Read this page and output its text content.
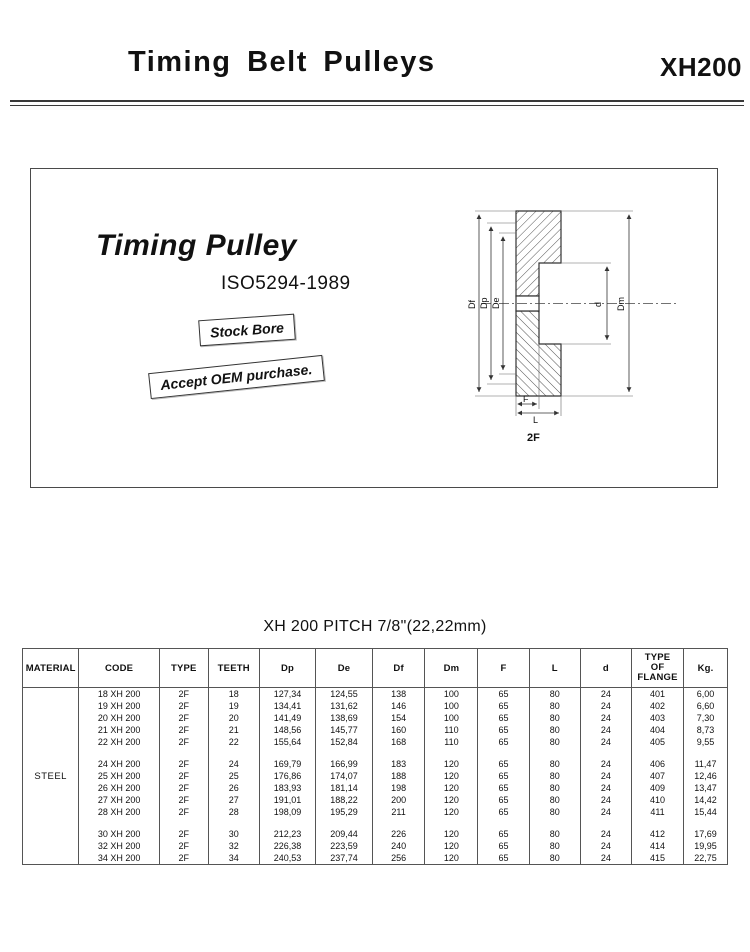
Timing Belt Pulleys	XH200
Timing Pulley
ISO5294-1989
Stock Bore
Accept OEM purchase.
Df Dp De	d Dm
F
L
2F
XH 200 PITCH 7/8"(22,22mm)
MATERIAL	CODE	TYPE	TEETH	Dp	De	Df	Dm	F	L	d	TYPE
OF
FLANGE	Kg.
STEEL	18 XH 200	2F	18	127,34	124,55	138	100	65	80	24	401	6,00
	19 XH 200	2F	19	134,41	131,62	146	100	65	80	24	402	6,60
	20 XH 200	2F	20	141,49	138,69	154	100	65	80	24	403	7,30
	21 XH 200	2F	21	148,56	145,77	160	110	65	80	24	404	8,73
	22 XH 200	2F	22	155,64	152,84	168	110	65	80	24	405	9,55

	24 XH 200	2F	24	169,79	166,99	183	120	65	80	24	406	11,47
	25 XH 200	2F	25	176,86	174,07	188	120	65	80	24	407	12,46
	26 XH 200	2F	26	183,93	181,14	198	120	65	80	24	409	13,47
	27 XH 200	2F	27	191,01	188,22	200	120	65	80	24	410	14,42
	28 XH 200	2F	28	198,09	195,29	211	120	65	80	24	411	15,44

	30 XH 200	2F	30	212,23	209,44	226	120	65	80	24	412	17,69
	32 XH 200	2F	32	226,38	223,59	240	120	65	80	24	414	19,95
	34 XH 200	2F	34	240,53	237,74	256	120	65	80	24	415	22,75
